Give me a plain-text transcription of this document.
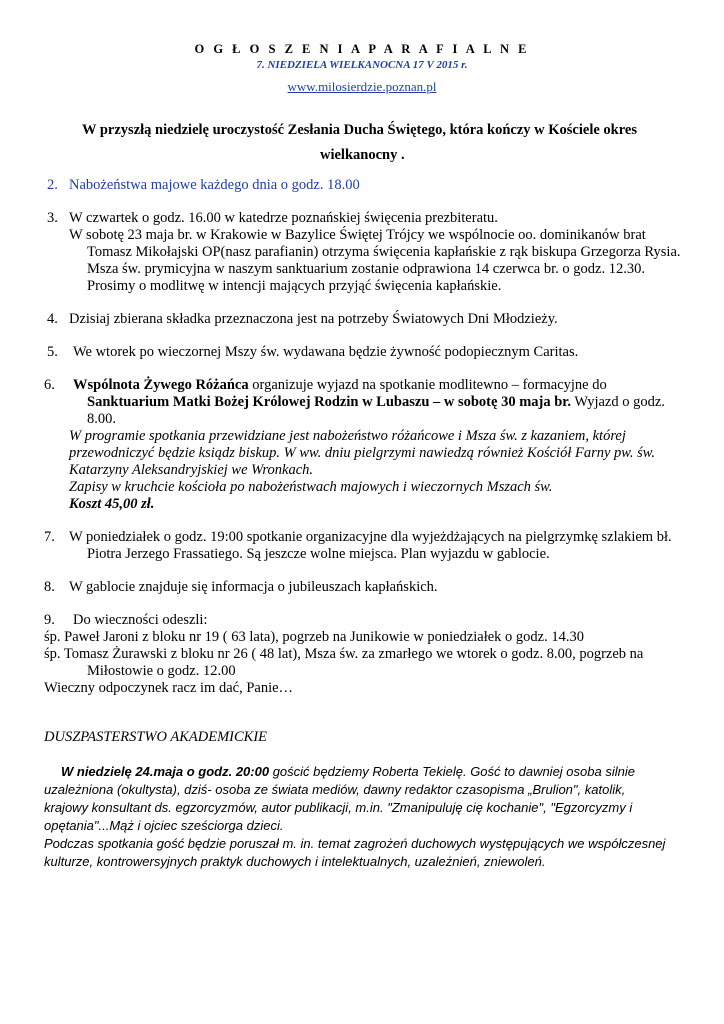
O G Ł O S Z E N I A P A R A F I A L N E
7. NIEDZIELA WIELKANOCNA 17 V 2015 r.
www.milosierdzie.poznan.pl
W przyszłą niedzielę uroczystość Zesłania Ducha Świętego, która kończy w Kościele okres
wielkanocny .
2. Nabożeństwa majowe każdego dnia o godz. 18.00
3. W czwartek o godz. 16.00 w katedrze poznańskiej święcenia prezbiteratu.
W sobotę 23 maja br. w Krakowie w Bazylice Świętej Trójcy we wspólnocie oo. dominikanów brat
Tomasz Mikołajski OP(nasz parafianin) otrzyma święcenia kapłańskie z rąk biskupa Grzegorza Rysia.
Msza św. prymicyjna w naszym sanktuarium zostanie odprawiona 14 czerwca br. o godz. 12.30.
Prosimy o modlitwę w intencji mających przyjąć święcenia kapłańskie.
4. Dzisiaj zbierana składka przeznaczona jest na potrzeby Światowych Dni Młodzieży.
5. We wtorek po wieczornej Mszy św. wydawana będzie żywność podopiecznym Caritas.
6. Wspólnota Żywego Różańca organizuje wyjazd na spotkanie modlitewno – formacyjne do
Sanktuarium Matki Bożej Królowej Rodzin w Lubaszu – w sobotę 30 maja br. Wyjazd o godz.
8.00.
W programie spotkania przewidziane jest nabożeństwo różańcowe i Msza św. z kazaniem, której
przewodniczyć będzie ksiądz biskup. W ww. dniu pielgrzymi nawiedzą również Kościół Farny pw. św.
Katarzyny Aleksandryjskiej we Wronkach.
Zapisy w kruchcie kościoła po nabożeństwach majowych i wieczornych Mszach św.
Koszt 45,00 zł.
7. W poniedziałek o godz. 19:00 spotkanie organizacyjne dla wyjeżdżających na pielgrzymkę szlakiem bł.
Piotra Jerzego Frassatiego. Są jeszcze wolne miejsca. Plan wyjazdu w gablocie.
8. W gablocie znajduje się informacja o jubileuszach kapłańskich.
9. Do wieczności odeszli:
śp. Paweł Jaroni z bloku nr 19 ( 63 lata), pogrzeb na Junikowie w poniedziałek o godz. 14.30
śp. Tomasz Żurawski z bloku nr 26 ( 48 lat), Msza św. za zmarłego we wtorek o godz. 8.00, pogrzeb na
Miłostowie o godz. 12.00
Wieczny odpoczynek racz im dać, Panie…
DUSZPASTERSTWO AKADEMICKIE
W niedzielę 24.maja o godz. 20:00 gościć będziemy Roberta Tekielę. Gość to dawniej osoba silnie
uzależniona (okultysta), dziś- osoba ze świata mediów, dawny redaktor czasopisma „Brulion", katolik,
krajowy konsultant ds. egzorcyzmów, autor publikacji, m.in. "Zmanipuluję cię kochanie", "Egzorcyzmy i
opętania"...Mąż i ojciec sześciorga dzieci.
Podczas spotkania gość będzie poruszał m. in. temat zagrożeń duchowych występujących we współczesnej
kulturze, kontrowersyjnych praktyk duchowych i intelektualnych, uzależnień, zniewoleń.
